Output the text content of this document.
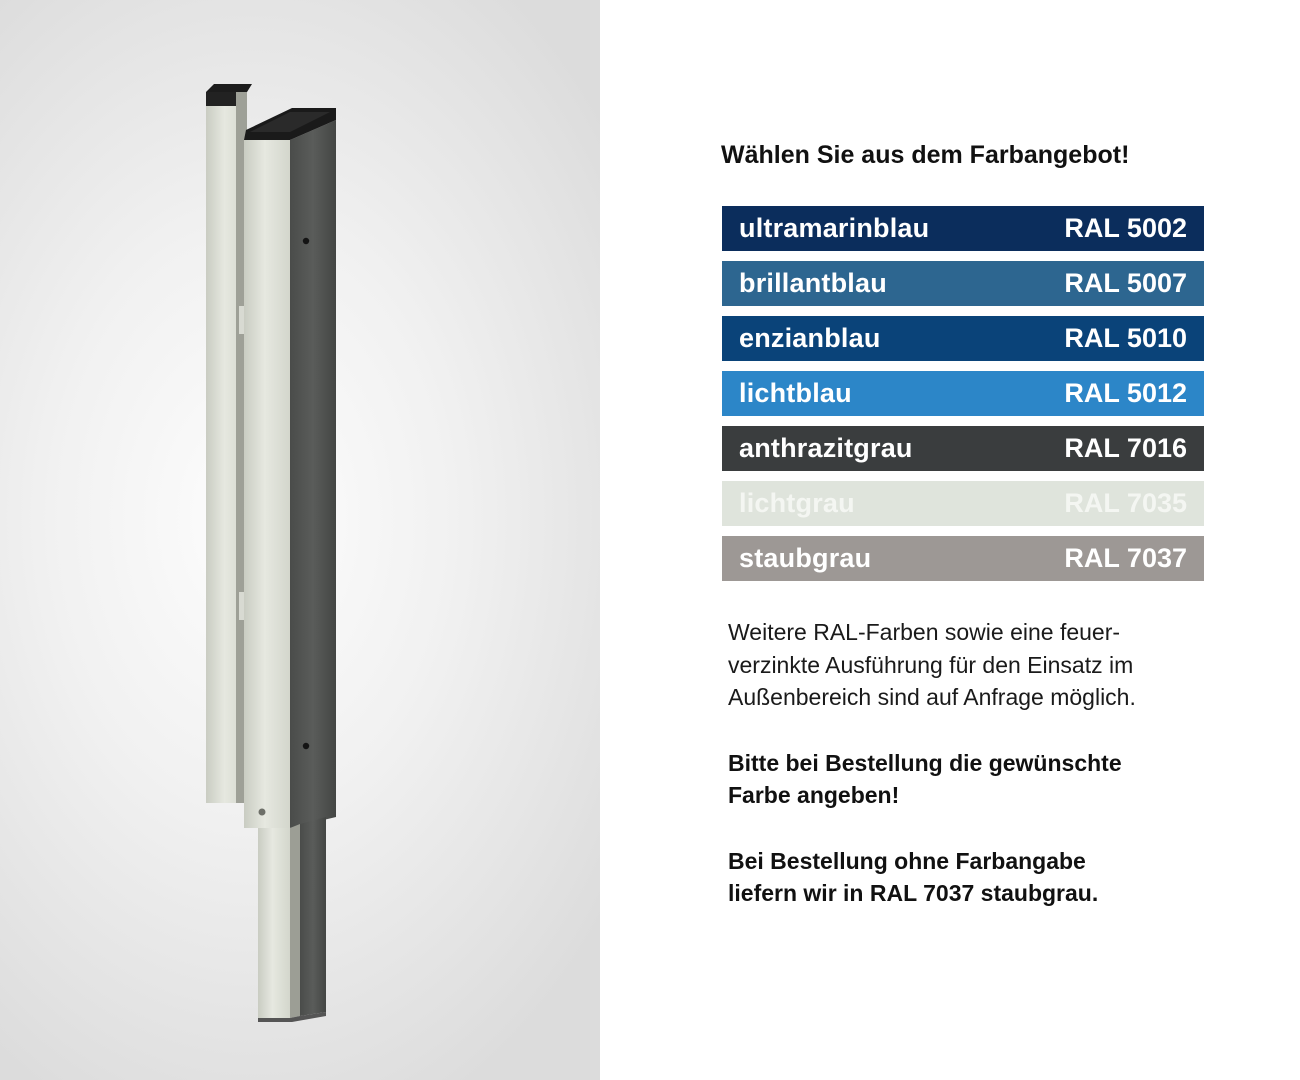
Wählen Sie aus dem Farbangebot!
ultramarinblau	RAL 5002
brillantblau	RAL 5007
enzianblau	RAL 5010
lichtblau	RAL 5012
anthrazitgrau	RAL 7016
lichtgrau	RAL 7035
staubgrau	RAL 7037

Weitere RAL-Farben sowie eine feuer-
verzinkte Ausführung für den Einsatz im
Außenbereich sind auf Anfrage möglich.

Bitte bei Bestellung die gewünschte
Farbe angeben!

Bei Bestellung ohne Farbangabe
liefern wir in RAL 7037 staubgrau.
